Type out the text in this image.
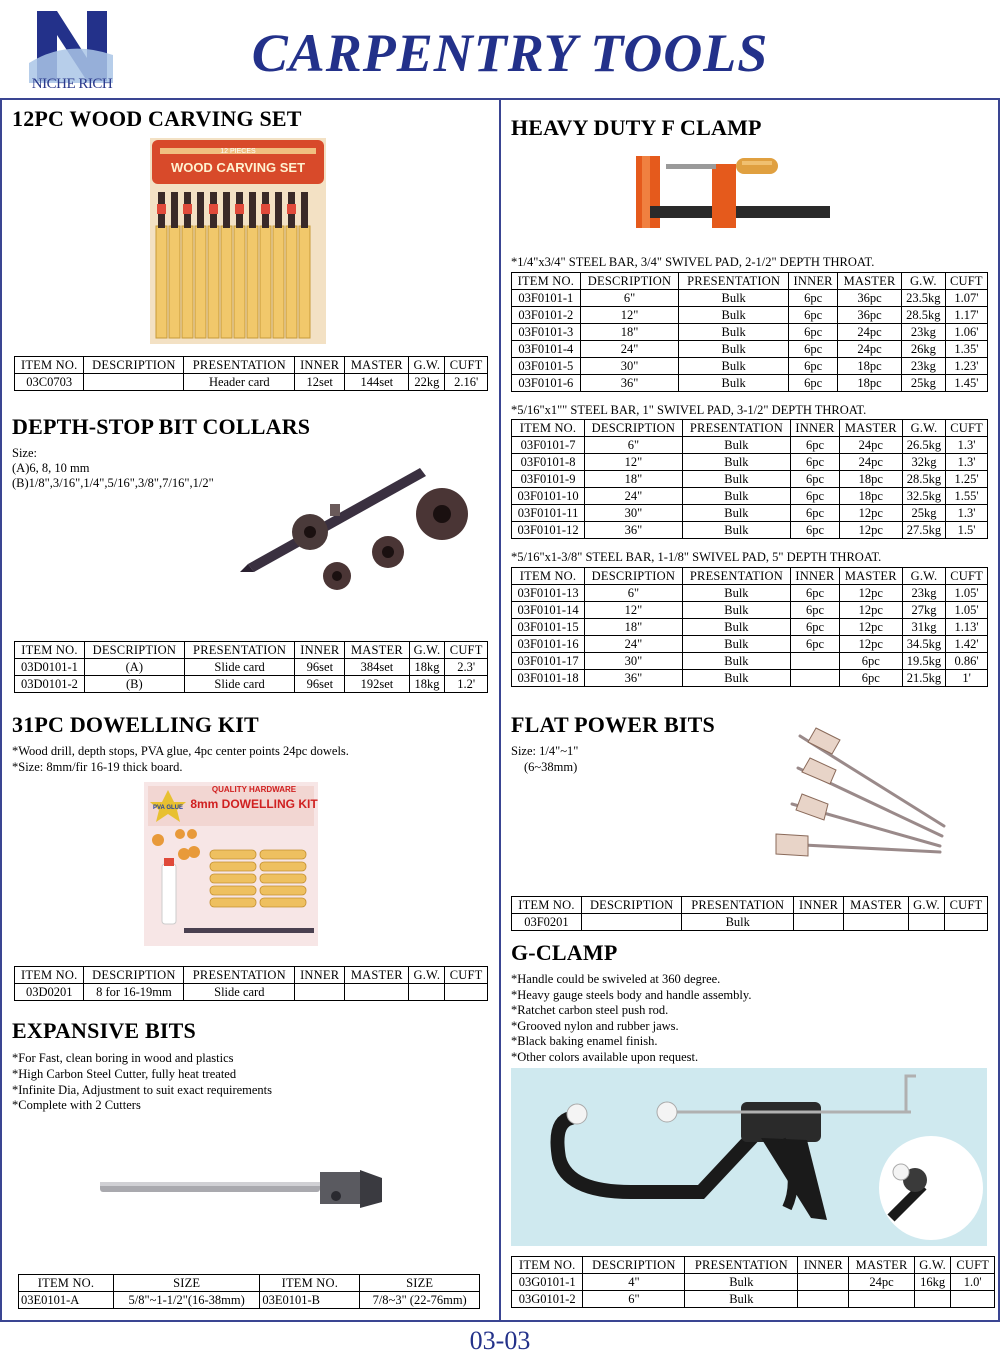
NICHE RICH
CARPENTRY TOOLS
12PC WOOD CARVING SET
WOOD CARVING SET
12 PIECES
ITEM NO.	DESCRIPTION	PRESENTATION	INNER	MASTER	G.W.	CUFT
03C0703		Header card	12set	144set	22kg	2.16'
DEPTH-STOP BIT COLLARS
Size:
(A)6, 8, 10 mm
(B)1/8",3/16",1/4",5/16",3/8",7/16",1/2"
ITEM NO.	DESCRIPTION	PRESENTATION	INNER	MASTER	G.W.	CUFT
03D0101-1	(A)	Slide card	96set	384set	18kg	2.3'
03D0101-2	(B)	Slide card	96set	192set	18kg	1.2'
31PC DOWELLING KIT
*Wood drill, depth stops, PVA glue, 4pc center points 24pc dowels.
*Size: 8mm/fir 16-19 thick board.
QUALITY HARDWARE
8mm DOWELLING KIT
PVA GLUE
ITEM NO.	DESCRIPTION	PRESENTATION	INNER	MASTER	G.W.	CUFT
03D0201	8 for 16-19mm	Slide card				
EXPANSIVE BITS
*For Fast, clean boring in wood and plastics
*High Carbon Steel Cutter, fully heat treated
*Infinite Dia, Adjustment to suit exact requirements
*Complete with 2 Cutters
ITEM NO.	SIZE	ITEM NO.	SIZE
03E0101-A	5/8"~1-1/2"(16-38mm)	03E0101-B	7/8~3" (22-76mm)
HEAVY DUTY F CLAMP
*1/4"x3/4" STEEL BAR, 3/4" SWIVEL PAD, 2-1/2" DEPTH THROAT.
ITEM NO.	DESCRIPTION	PRESENTATION	INNER	MASTER	G.W.	CUFT
03F0101-1	6"	Bulk	6pc	36pc	23.5kg	1.07'
03F0101-2	12"	Bulk	6pc	36pc	28.5kg	1.17'
03F0101-3	18"	Bulk	6pc	24pc	23kg	1.06'
03F0101-4	24"	Bulk	6pc	24pc	26kg	1.35'
03F0101-5	30"	Bulk	6pc	18pc	23kg	1.23'
03F0101-6	36"	Bulk	6pc	18pc	25kg	1.45'
*5/16"x1"" STEEL BAR, 1" SWIVEL PAD, 3-1/2" DEPTH THROAT.
ITEM NO.	DESCRIPTION	PRESENTATION	INNER	MASTER	G.W.	CUFT
03F0101-7	6"	Bulk	6pc	24pc	26.5kg	1.3'
03F0101-8	12"	Bulk	6pc	24pc	32kg	1.3'
03F0101-9	18"	Bulk	6pc	18pc	28.5kg	1.25'
03F0101-10	24"	Bulk	6pc	18pc	32.5kg	1.55'
03F0101-11	30"	Bulk	6pc	12pc	25kg	1.3'
03F0101-12	36"	Bulk	6pc	12pc	27.5kg	1.5'
*5/16"x1-3/8" STEEL BAR, 1-1/8" SWIVEL PAD, 5" DEPTH THROAT.
ITEM NO.	DESCRIPTION	PRESENTATION	INNER	MASTER	G.W.	CUFT
03F0101-13	6"	Bulk	6pc	12pc	23kg	1.05'
03F0101-14	12"	Bulk	6pc	12pc	27kg	1.05'
03F0101-15	18"	Bulk	6pc	12pc	31kg	1.13'
03F0101-16	24"	Bulk	6pc	12pc	34.5kg	1.42'
03F0101-17	30"	Bulk		6pc	19.5kg	0.86'
03F0101-18	36"	Bulk		6pc	21.5kg	1'
FLAT POWER BITS
Size: 1/4"~1"
(6~38mm)
ITEM NO.	DESCRIPTION	PRESENTATION	INNER	MASTER	G.W.	CUFT
03F0201		Bulk				
G-CLAMP
*Handle could be swiveled at 360 degree.
*Heavy gauge steels body and handle assembly.
*Ratchet carbon steel push rod.
*Grooved nylon and rubber jaws.
*Black baking enamel finish.
*Other colors available upon request.
ITEM NO.	DESCRIPTION	PRESENTATION	INNER	MASTER	G.W.	CUFT
03G0101-1	4"	Bulk		24pc	16kg	1.0'
03G0101-2	6"	Bulk				
03-03
